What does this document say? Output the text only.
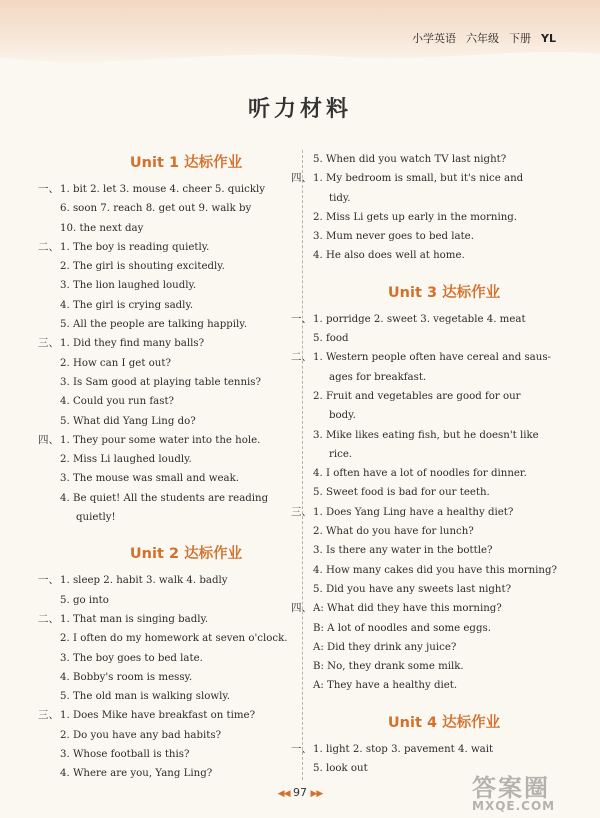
小学英语 六年级 下册 YL
听力材料
Unit 1 达标作业
一、 1. bit 2. let 3. mouse 4. cheer 5. quickly
6. soon 7. reach 8. get out 9. walk by
10. the next day
二、 1. The boy is reading quietly.
2. The girl is shouting excitedly.
3. The lion laughed loudly.
4. The girl is crying sadly.
5. All the people are talking happily.
三、 1. Did they find many balls?
2. How can I get out?
3. Is Sam good at playing table tennis?
4. Could you run fast?
5. What did Yang Ling do?
四、 1. They pour some water into the hole.
2. Miss Li laughed loudly.
3. The mouse was small and weak.
4. Be quiet! All the students are reading
quietly!
Unit 2 达标作业
一、 1. sleep 2. habit 3. walk 4. badly
5. go into
二、 1. That man is singing badly.
2. I often do my homework at seven o'clock.
3. The boy goes to bed late.
4. Bobby's room is messy.
5. The old man is walking slowly.
三、 1. Does Mike have breakfast on time?
2. Do you have any bad habits?
3. Whose football is this?
4. Where are you, Yang Ling?
5. When did you watch TV last night?
四、 1. My bedroom is small, but it's nice and
tidy.
2. Miss Li gets up early in the morning.
3. Mum never goes to bed late.
4. He also does well at home.
Unit 3 达标作业
一、 1. porridge 2. sweet 3. vegetable 4. meat
5. food
二、 1. Western people often have cereal and saus-
ages for breakfast.
2. Fruit and vegetables are good for our
body.
3. Mike likes eating fish, but he doesn't like
rice.
4. I often have a lot of noodles for dinner.
5. Sweet food is bad for our teeth.
三、 1. Does Yang Ling have a healthy diet?
2. What do you have for lunch?
3. Is there any water in the bottle?
4. How many cakes did you have this morning?
5. Did you have any sweets last night?
四、 A: What did they have this morning?
B: A lot of noodles and some eggs.
A: Did they drink any juice?
B: No, they drank some milk.
A: They have a healthy diet.
Unit 4 达标作业
一、 1. light 2. stop 3. pavement 4. wait
5. look out
◀◀ 97 ▶▶	答案圈
MXQE.COM
